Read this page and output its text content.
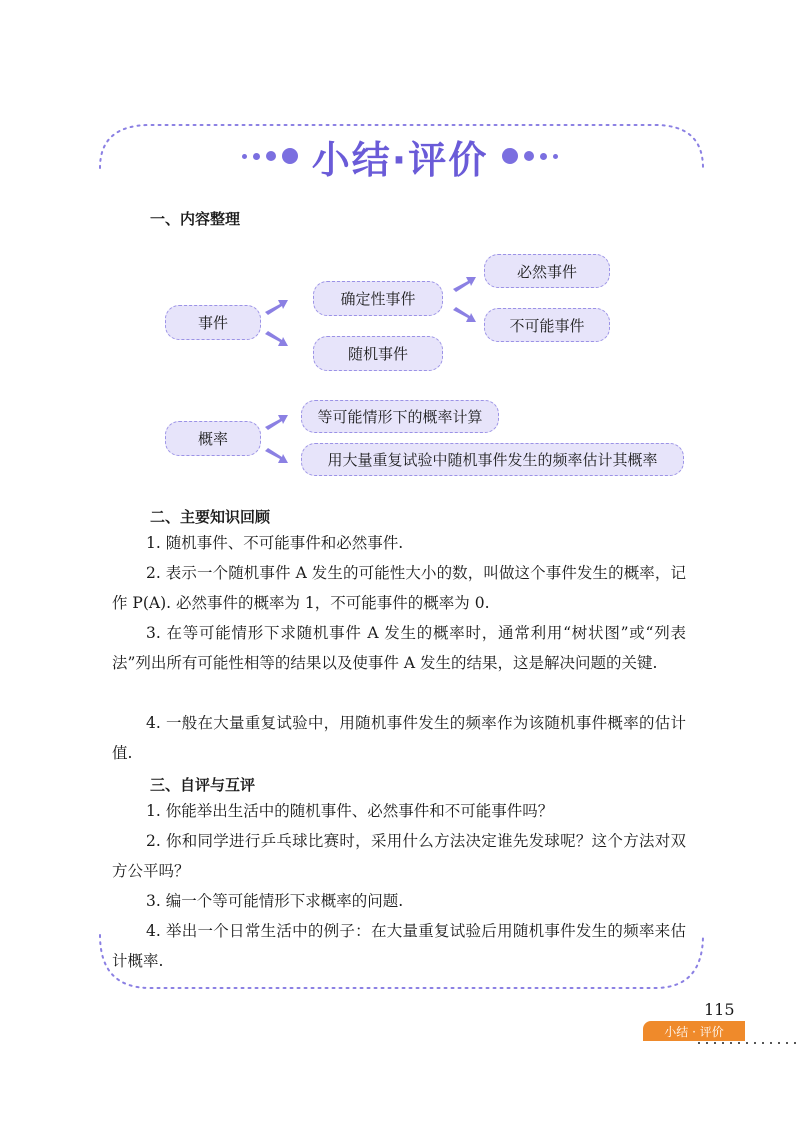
小结·评价
一、内容整理
事件
确定性事件
随机事件
必然事件
不可能事件
概率
等可能情形下的概率计算
用大量重复试验中随机事件发生的频率估计其概率
二、主要知识回顾

1. 随机事件、不可能事件和必然事件.

2. 表示一个随机事件 A 发生的可能性大小的数，叫做这个事件发生的概率，记作 P(A). 必然事件的概率为 1，不可能事件的概率为 0.

3. 在等可能情形下求随机事件 A 发生的概率时，通常利用“树状图”或“列表法”列出所有可能性相等的结果以及使事件 A 发生的结果，这是解决问题的关键.

4. 一般在大量重复试验中，用随机事件发生的频率作为该随机事件概率的估计值.

三、自评与互评

1. 你能举出生活中的随机事件、必然事件和不可能事件吗？

2. 你和同学进行乒乓球比赛时，采用什么方法决定谁先发球呢？这个方法对双方公平吗？

3. 编一个等可能情形下求概率的问题.

4. 举出一个日常生活中的例子：在大量重复试验后用随机事件发生的频率来估计概率.

115
小结 · 评价
